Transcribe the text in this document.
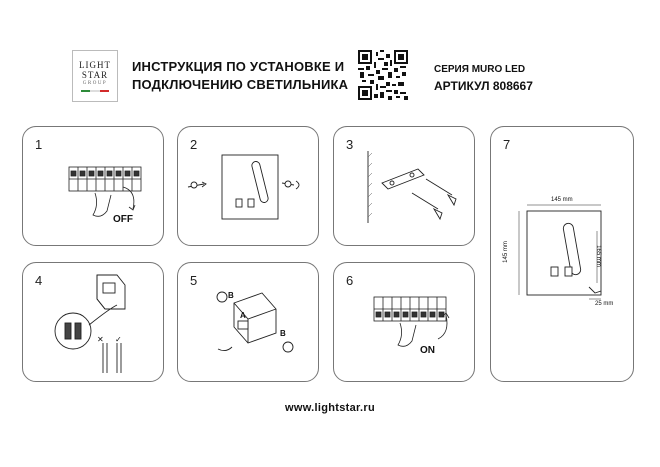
LIGHT
STAR
GROUP
ИНСТРУКЦИЯ ПО УСТАНОВКЕ И
ПОДКЛЮЧЕНИЮ СВЕТИЛЬНИКА
СЕРИЯ MURO LED
АРТИКУЛ 808667
1
OFF
2	3
4
✕ ✓
5
B
A
B
6
ON
7
145 mm
145 mm	165 mm
25 mm
www.lightstar.ru
